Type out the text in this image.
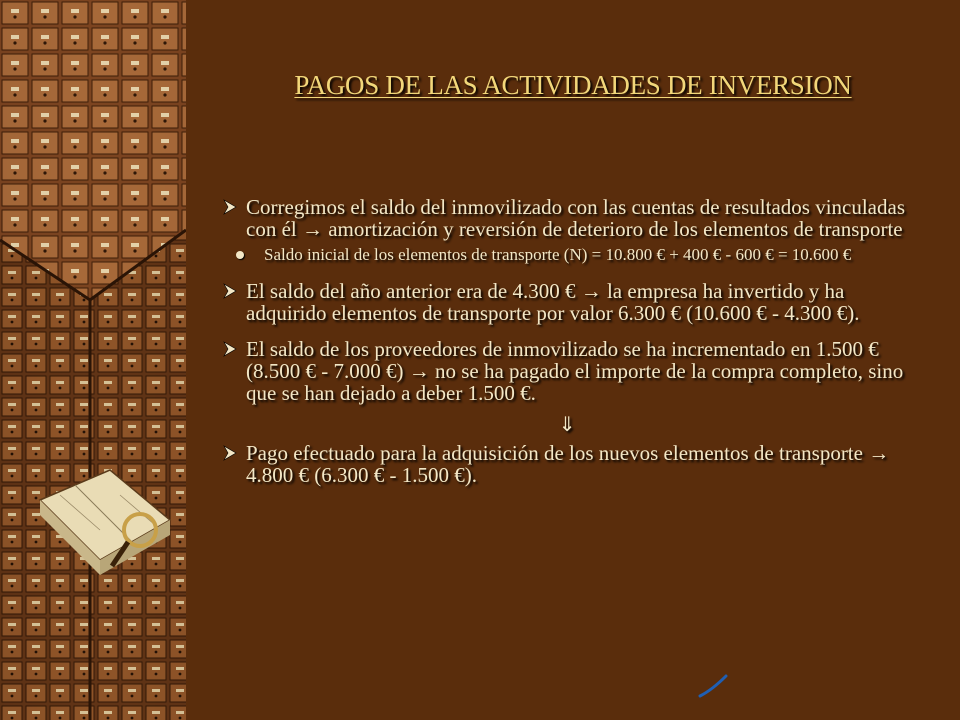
PAGOS DE LAS ACTIVIDADES DE INVERSION
Corregimos el saldo del inmovilizado con las cuentas de resultados vinculadas con él → amortización y reversión de deterioro de los elementos de transporte
Saldo inicial de los elementos de transporte (N) = 10.800 € + 400 € - 600 € = 10.600 €
El saldo del año anterior era de 4.300 € → la empresa ha invertido y ha adquirido elementos de transporte por valor 6.300 € (10.600 € - 4.300 €).
El saldo de los proveedores de inmovilizado se ha incrementado en 1.500 € (8.500 € - 7.000 €) → no se ha pagado el importe de la compra completo, sino que se han dejado a deber 1.500 €.
⇓
Pago efectuado para la adquisición de los nuevos elementos de transporte → 4.800 € (6.300 € - 1.500 €).
